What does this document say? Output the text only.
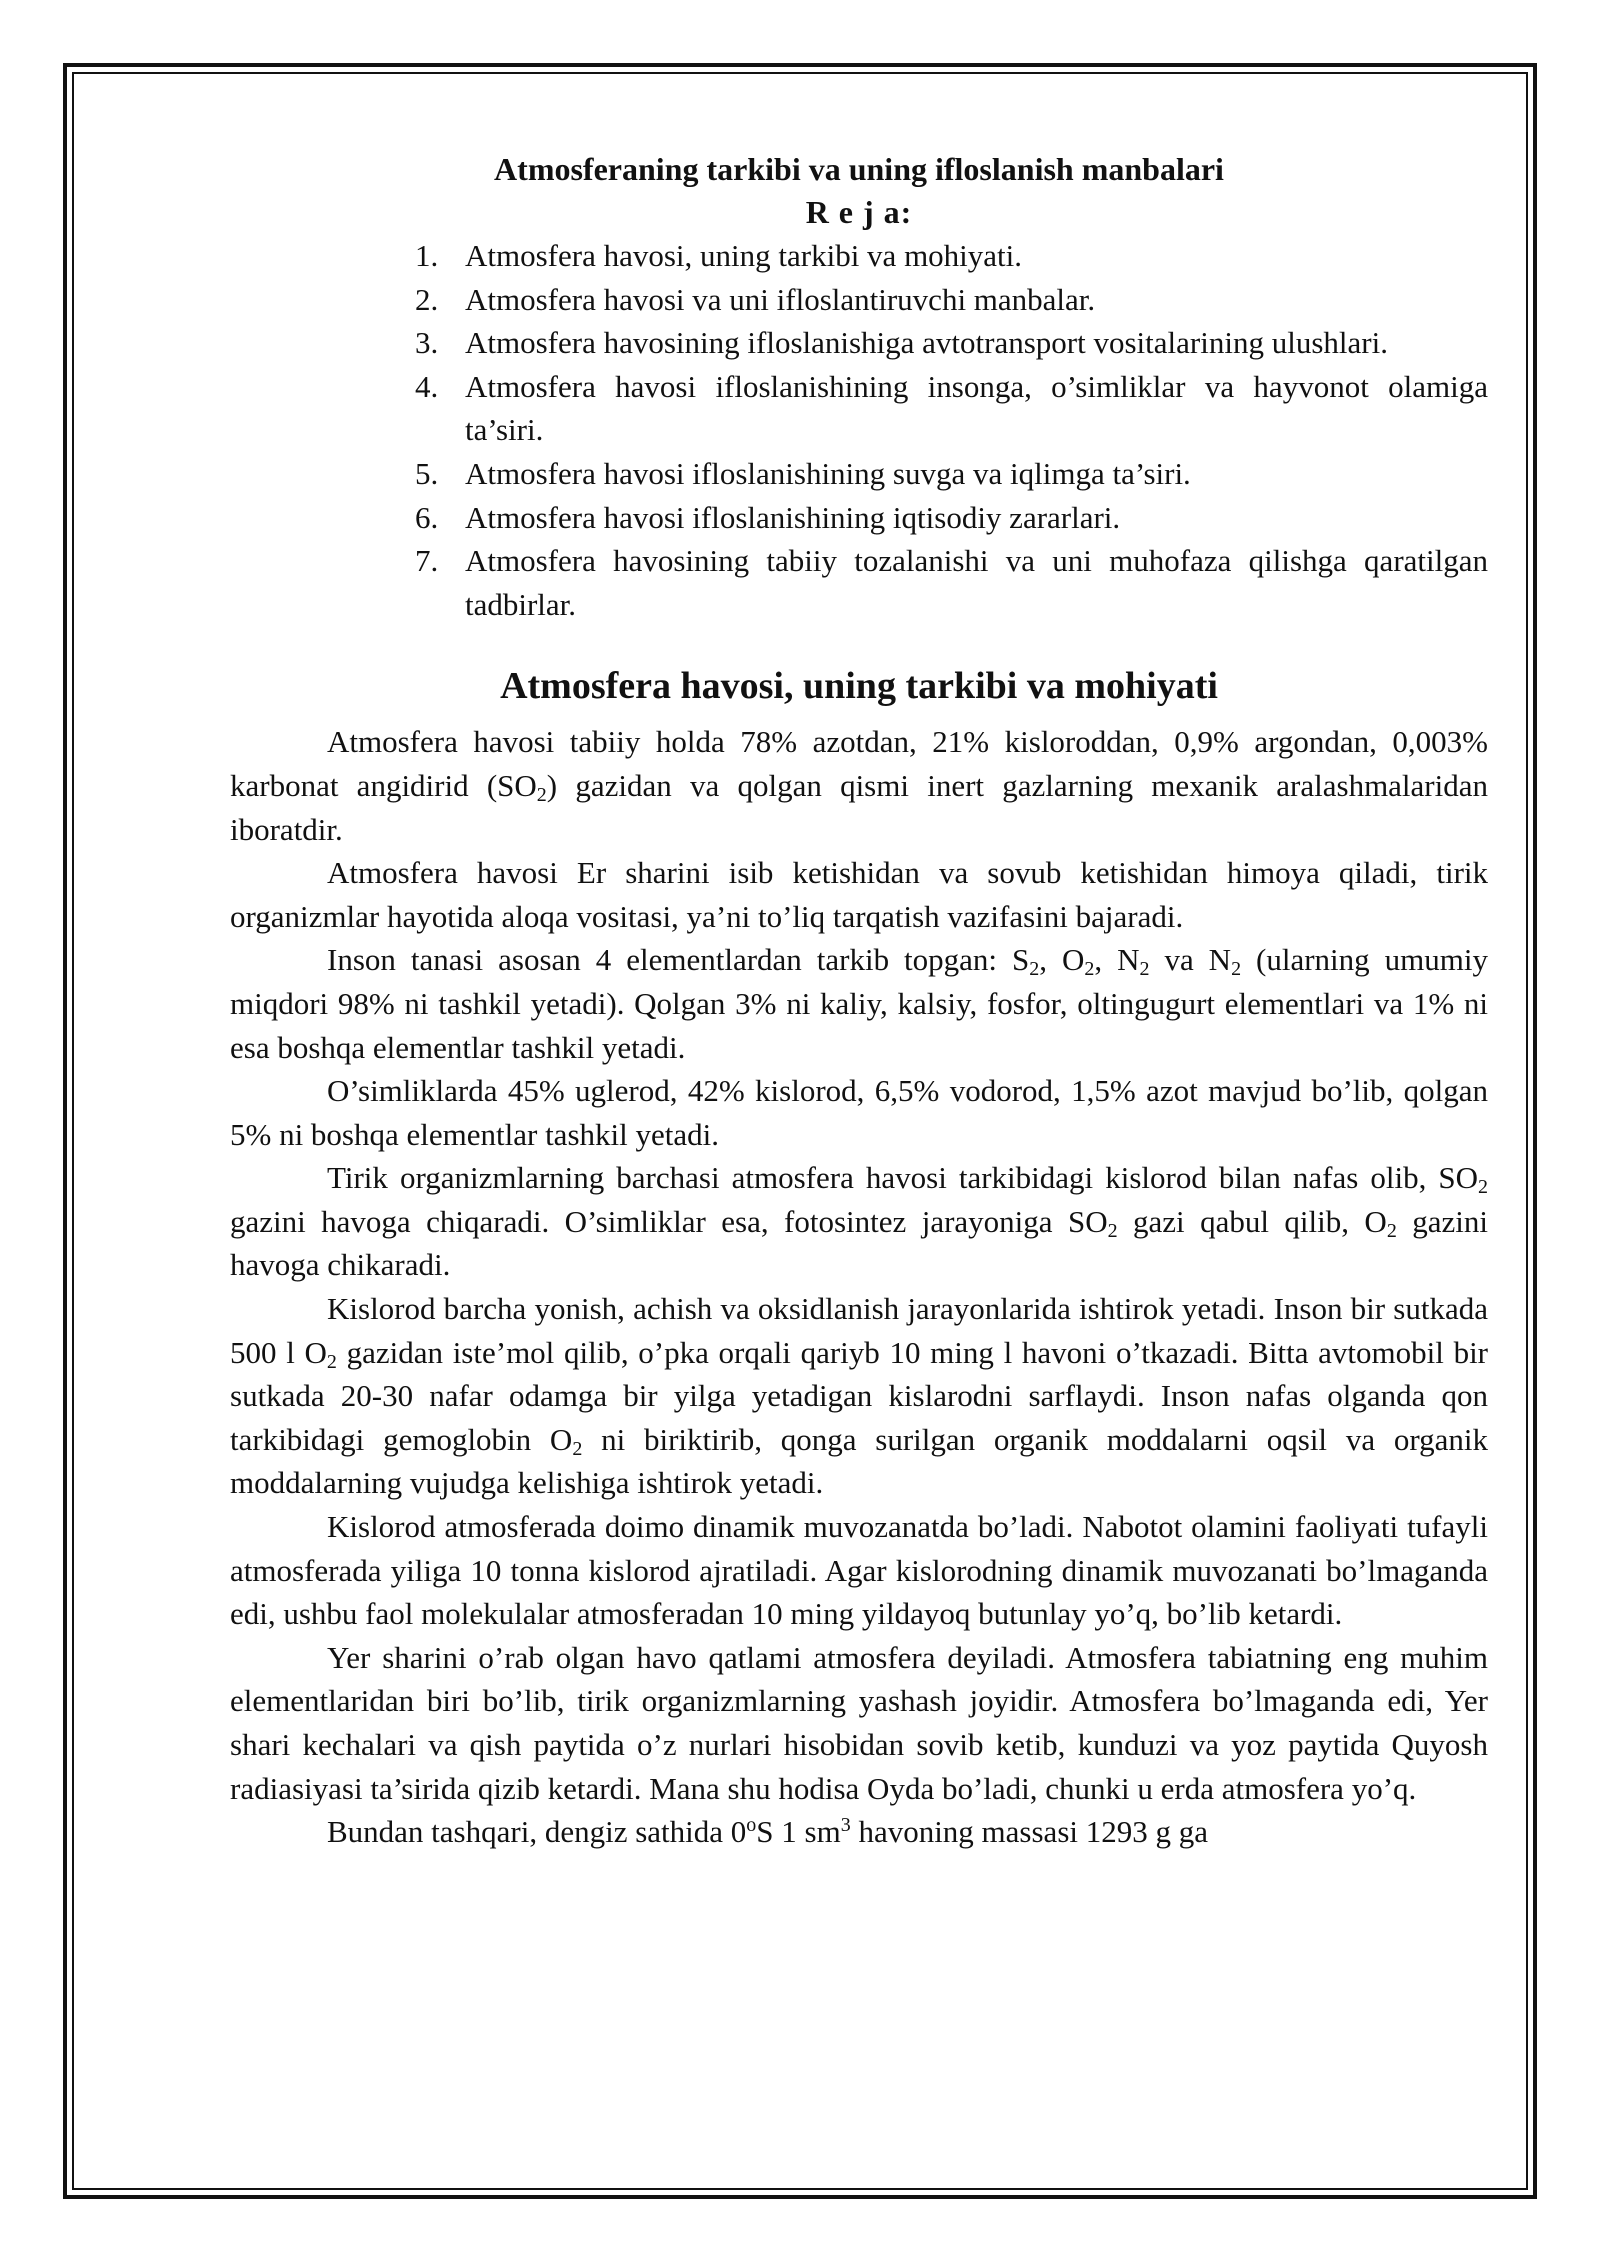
Atmosferaning tarkibi va uning ifloslanish manbalari
R e j a:
1. Atmosfera havosi, uning tarkibi va mohiyati.
2. Atmosfera havosi va uni ifloslantiruvchi manbalar.
3. Atmosfera havosining ifloslanishiga avtotransport vositalarining ulushlari.
4. Atmosfera havosi ifloslanishining insonga, o’simliklar va hayvonot olamiga ta’siri.
5. Atmosfera havosi ifloslanishining suvga va iqlimga ta’siri.
6. Atmosfera havosi ifloslanishining iqtisodiy zararlari.
7. Atmosfera havosining tabiiy tozalanishi va uni muhofaza qilishga qaratilgan tadbirlar.
Atmosfera havosi, uning tarkibi va mohiyati

Atmosfera havosi tabiiy holda 78% azotdan, 21% kisloroddan, 0,9% argondan, 0,003% karbonat angidirid $(SO_2)$ gazidan va qolgan qismi inert gazlarning mexanik aralashmalaridan iboratdir.

Atmosfera havosi Er sharini isib ketishidan va sovub ketishidan himoya qiladi, tirik organizmlar hayotida aloqa vositasi, ya’ni to’liq tarqatish vazifasini bajaradi.

Inson tanasi asosan 4 elementlardan tarkib topgan: $S_2$, $O_2$, $N_2$ va $N_2$ (ularning umumiy miqdori 98% ni tashkil yetadi). Qolgan 3% ni kaliy, kalsiy, fosfor, oltingugurt elementlari va 1% ni esa boshqa elementlar tashkil yetadi.

O’simliklarda 45% uglerod, 42% kislorod, 6,5% vodorod, 1,5% azot mavjud bo’lib, qolgan 5% ni boshqa elementlar tashkil yetadi.

Tirik organizmlarning barchasi atmosfera havosi tarkibidagi kislorod bilan nafas olib, $SO_2$ gazini havoga chiqaradi. O’simliklar esa, fotosintez jarayoniga $SO_2$ gazi qabul qilib, $O_2$ gazini havoga chikaradi.

Kislorod barcha yonish, achish va oksidlanish jarayonlarida ishtirok yetadi. Inson bir sutkada 500 l $O_2$ gazidan iste’mol qilib, o’pka orqali qariyb 10 ming l havoni o’tkazadi. Bitta avtomobil bir sutkada 20-30 nafar odamga bir yilga yetadigan kislarodni sarflaydi. Inson nafas olganda qon tarkibidagi gemoglobin $O_2$ ni biriktirib, qonga surilgan organik moddalarni oqsil va organik moddalarning vujudga kelishiga ishtirok yetadi.

Kislorod atmosferada doimo dinamik muvozanatda bo’ladi. Nabotot olamini faoliyati tufayli atmosferada yiliga 10 tonna kislorod ajratiladi. Agar kislorodning dinamik muvozanati bo’lmaganda edi, ushbu faol molekulalar atmosferadan 10 ming yildayoq butunlay yo’q, bo’lib ketardi.

Yer sharini o’rab olgan havo qatlami atmosfera deyiladi. Atmosfera tabiatning eng muhim elementlaridan biri bo’lib, tirik organizmlarning yashash joyidir. Atmosfera bo’lmaganda edi, Yer shari kechalari va qish paytida o’z nurlari hisobidan sovib ketib, kunduzi va yoz paytida Quyosh radiasiyasi ta’sirida qizib ketardi. Mana shu hodisa Oyda bo’ladi, chunki u erda atmosfera yo’q.

Bundan tashqari, dengiz sathida 0$^o$S 1 $sm^3$ havoning massasi 1293 g ga
